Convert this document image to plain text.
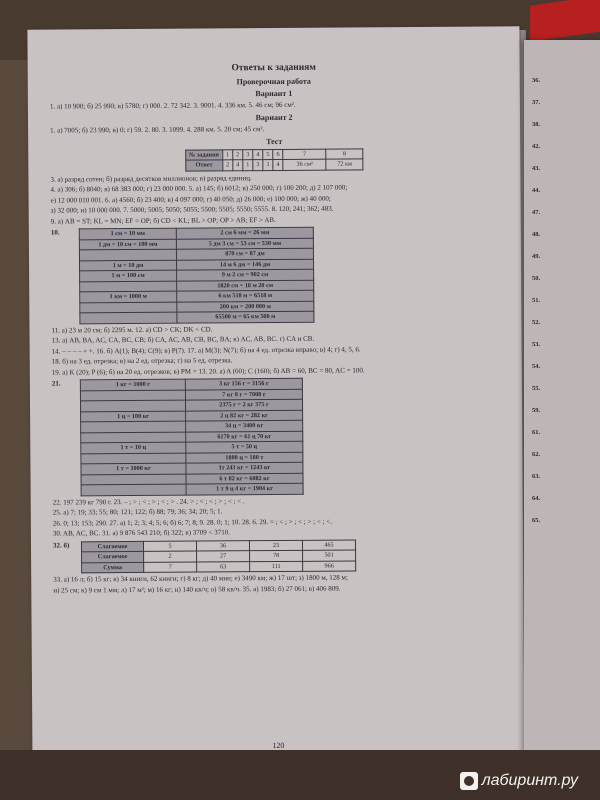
Ответы к заданиям
Проверочная работа
Вариант 1

1. а) 10 900; б) 25 990; в) 5780; г) 000. 2. 72 342. 3. 9001. 4. 336 км. 5. 46 см; 96 см².

Вариант 2

1. а) 7005; б) 23 990; в) 0; г) 59. 2. 80. 3. 1099. 4. 288 км. 5. 20 см; 45 см².

Тест
№ задания	1	2	3	4	5	6	7	8
Ответ	2	4	1	3	1	4	36 см²	72 км

3. а) разряд сотен; б) разряд десятков миллионов; в) разряд единиц.

4. а) 306; б) 8040; в) 68 383 000; г) 23 000 000. 5. а) 145; б) 6012; в) 250 000; г) 100 200; д) 2 107 000;

е) 12 000 010 001. 6. а) 4560; б) 23 400; в) 4 097 000; г) 40 050; д) 26 000; е) 100 000; ж) 40 000;

з) 32 000; и) 10 000 000. 7. 5000; 5005; 5050; 5055; 5500; 5505; 5550; 5555. 8. 120; 241; 362; 483.

9. а) AB = ST; KL = MN; EF = OP; б) CD < KL; BL > OP; OP > AB; EF > AB.

10.	1 см = 10 мм	2 см 6 мм = 26 мм
1 дм = 10 см = 100 мм	5 дм 3 см = 53 см = 530 мм
	870 см = 87 дм
1 м = 10 дм	14 м 6 дм = 146 дм
1 м = 100 см	9 м 2 см = 902 см
	1820 см = 18 м 20 см
1 км = 1000 м	6 км 518 м = 6518 м
	200 км = 200 000 м
	65500 м = 65 км 500 м

11. а) 23 м 20 см; б) 2295 м. 12. а) CD > CK; DK < CD.

13. а) AB, BA, AC, CA, BC, CB; б) CA, AC, AB, CB, BC, BA; в) AC, AB, BC. г) CA и CB.

14. – – – – + +. 16. б) A(1); B(4); C(9); в) P(7). 17. а) M(3); N(7); б) на 4 ед. отрезка вправо; в) 4; г) 4, 5, 6.

18. б) на 3 ед. отрезка; в) на 2 ед. отрезка; г) на 5 ед. отрезка.

19. а) K (20); P (6); б) на 20 ед. отрезков; в) PM = 13. 20. а) A (60); C (160); б) AB = 60, BC = 80, AC = 100.

21.	1 кг = 1000 г	3 кг 156 г = 3156 г
	7 кг 8 г = 7008 г
	2375 г = 2 кг 375 г
1 ц = 100 кг	2 ц 82 кг = 282 кг
	34 ц = 3400 кг
	6170 кг = 61 ц 70 кг
1 т = 10 ц	5 т = 50 ц
	1800 ц = 180 т
1 т = 1000 кг	1т 243 кг = 1243 кг
	6 т 82 кг = 6082 кг
	1 т 9 ц 4 кг = 1904 кг

22. 197 239 кг 790 г. 23. – ; > ; < ; > ; < ; > . 24. > ; < ; < ; > ; < ; < .

25. а) 7; 19; 33; 55; 80; 121; 122; б) 88; 79; 36; 34; 20; 5; 1.

26. 0; 13; 153; 290. 27. а) 1; 2; 3; 4; 5; 6; б) 6; 7; 8; 9. 28. 0; 1; 10. 28. 6. 29. = ; < ; > ; < ; > ; < ; <.

30. AB, AC, BC. 31. а) 9 876 543 210; б) 322; в) 3709 < 3710.

32. б)	Слагаемое	5	36	23	465
Слагаемое	2	27	78	501
Сумма	7	63	111	966

33. а) 16 л; б) 15 кг; в) 34 книги, 62 книги; г) 8 кг; д) 40 мин; е) 3490 км; ж) 17 шт; з) 1800 м, 128 м;

и) 25 см; к) 9 см 1 мм; л) 17 м²; м) 16 кг; н) 140 кв/ч; о) 58 кв/ч. 35. а) 1983; б) 27 061; в) 406 809.

120
36.
37.
38.
42.
43.
44.
47.
48.
49.
50.
51.
52.
53.
54.
55.
59.
61.
62.
63.
64.
65.
лабиринт.ру
